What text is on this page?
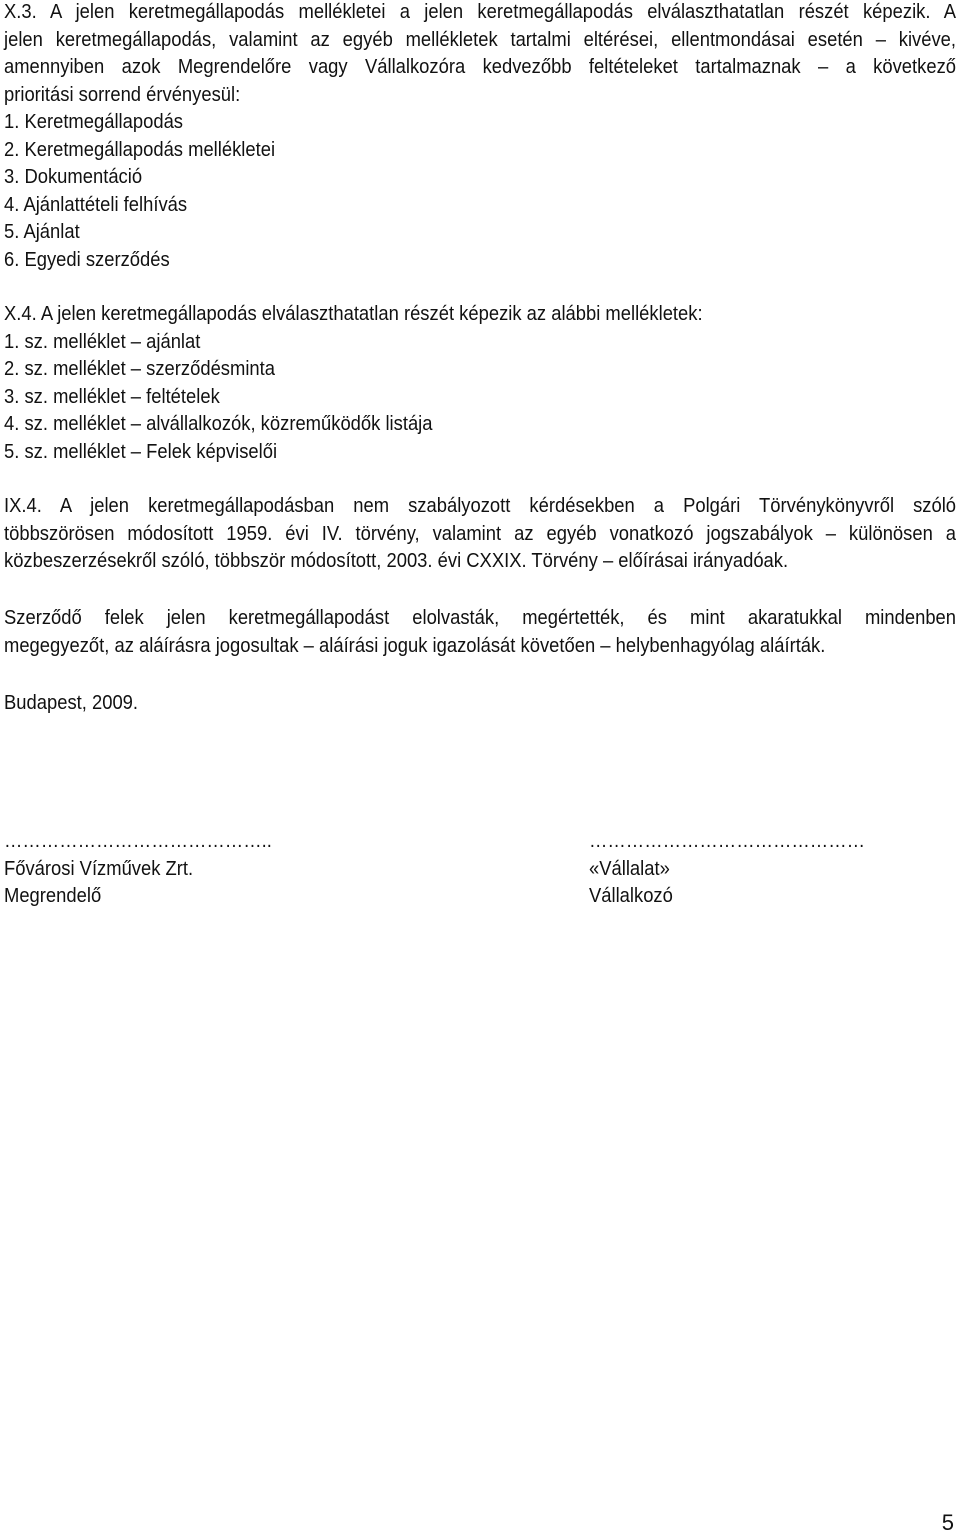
X.3. A jelen keretmegállapodás mellékletei a jelen keretmegállapodás elválaszthatatlan részét képezik. A
jelen keretmegállapodás, valamint az egyéb mellékletek tartalmi eltérései, ellentmondásai esetén – kivéve,
amennyiben azok Megrendelőre vagy Vállalkozóra kedvezőbb feltételeket tartalmaznak – a következő
prioritási sorrend érvényesül:
1. Keretmegállapodás
2. Keretmegállapodás mellékletei
3. Dokumentáció
4. Ajánlattételi felhívás
5. Ajánlat
6. Egyedi szerződés
X.4. A jelen keretmegállapodás elválaszthatatlan részét képezik az alábbi mellékletek:
1. sz. melléklet – ajánlat
2. sz. melléklet – szerződésminta
3. sz. melléklet – feltételek
4. sz. melléklet – alvállalkozók, közreműködők listája
5. sz. melléklet – Felek képviselői
IX.4. A jelen keretmegállapodásban nem szabályozott kérdésekben a Polgári Törvénykönyvről szóló
többszörösen módosított 1959. évi IV. törvény, valamint az egyéb vonatkozó jogszabályok – különösen a
közbeszerzésekről szóló, többször módosított, 2003. évi CXXIX. Törvény – előírásai irányadóak.
Szerződő felek jelen keretmegállapodást elolvasták, megértették, és mint akaratukkal mindenben
megegyezőt, az aláírásra jogosultak – aláírási joguk igazolását követően – helybenhagyólag aláírták.
Budapest, 2009.
……………………………………..
Fővárosi Vízművek Zrt.
Megrendelő
………………………………………
«Vállalat»
Vállalkozó
5
